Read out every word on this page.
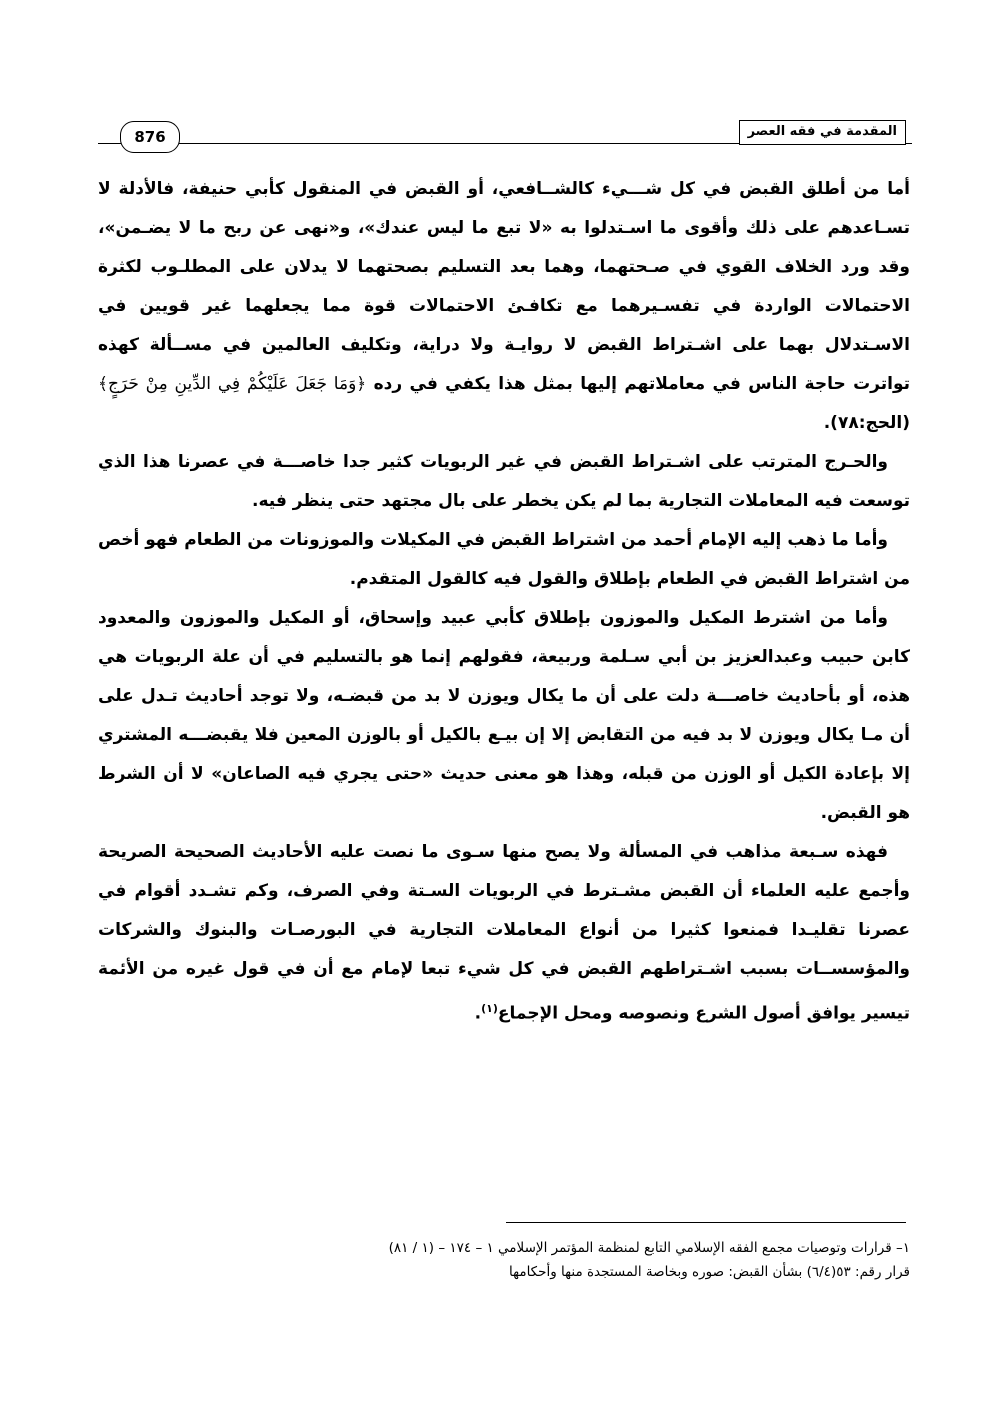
المقدمة في فقه العصر
876

أما من أطلق القبض في كل شـــيء كالشــافعي، أو القبض في المنقول كأبي حنيفة، فالأدلة لا تسـاعدهم على ذلك وأقوى ما اسـتدلوا به «لا تبع ما ليس عندك»، و«نهى عن ربح ما لا يضـمن»، وقد ورد الخلاف القوي في صـحتهما، وهما بعد التسليم بصحتهما لا يدلان على المطلـوب لكثرة الاحتمالات الواردة في تفسـيرهما مع تكافـئ الاحتمالات قوة مما يجعلهما غير قويين في الاسـتدلال بهما على اشـتراط القبض لا روايـة ولا دراية، وتكليف العالمين في مســألة كهذه تواترت حاجة الناس في معاملاتهم إليها بمثل هذا يكفي في رده ﴿وَمَا جَعَلَ عَلَيْكُمْ فِي الدِّينِ مِنْ حَرَجٍ﴾ (الحج:٧٨).

والحـرج المترتب على اشـتراط القبض في غير الربويات كثير جدا خاصـــة في عصرنا هذا الذي توسعت فيه المعاملات التجارية بما لم يكن يخطر على بال مجتهد حتى ينظر فيه.

وأما ما ذهب إليه الإمام أحمد من اشتراط القبض في المكيلات والموزونات من الطعام فهو أخص من اشتراط القبض في الطعام بإطلاق والقول فيه كالقول المتقدم.

وأما من اشترط المكيل والموزون بإطلاق كأبي عبيد وإسحاق، أو المكيل والموزون والمعدود كابن حبيب وعبدالعزيز بن أبي سـلمة وربيعة، فقولهم إنما هو بالتسليم في أن علة الربويات هي هذه، أو بأحاديث خاصـــة دلت على أن ما يكال ويوزن لا بد من قبضـه، ولا توجد أحاديث تـدل على أن مـا يكال ويوزن لا بد فيه من التقابض إلا إن بيـع بالكيل أو بالوزن المعين فلا يقبضـــه المشتري إلا بإعادة الكيل أو الوزن من قبله، وهذا هو معنى حديث «حتى يجري فيه الصاعان» لا أن الشرط هو القبض.

فهذه سـبعة مذاهب في المسألة ولا يصح منها سـوى ما نصت عليه الأحاديث الصحيحة الصريحة وأجمع عليه العلماء أن القبض مشـترط في الربويات السـتة وفي الصرف، وكم تشـدد أقوام في عصرنا تقليـدا فمنعوا كثيرا من أنواع المعاملات التجارية في البورصـات والبنوك والشركات والمؤسســات بسبب اشـتراطهم القبض في كل شيء تبعا لإمام مع أن في قول غيره من الأئمة تيسير يوافق أصول الشرع ونصوصه ومحل الإجماع$^{(١)}$.

١– قرارات وتوصيات مجمع الفقه الإسلامي التابع لمنظمة المؤتمر الإسلامي ١ – ١٧٤ – (١ / ٨١)
قرار رقم: ٥٣(٦/٤) بشأن القبض: صوره وبخاصة المستجدة منها وأحكامها
